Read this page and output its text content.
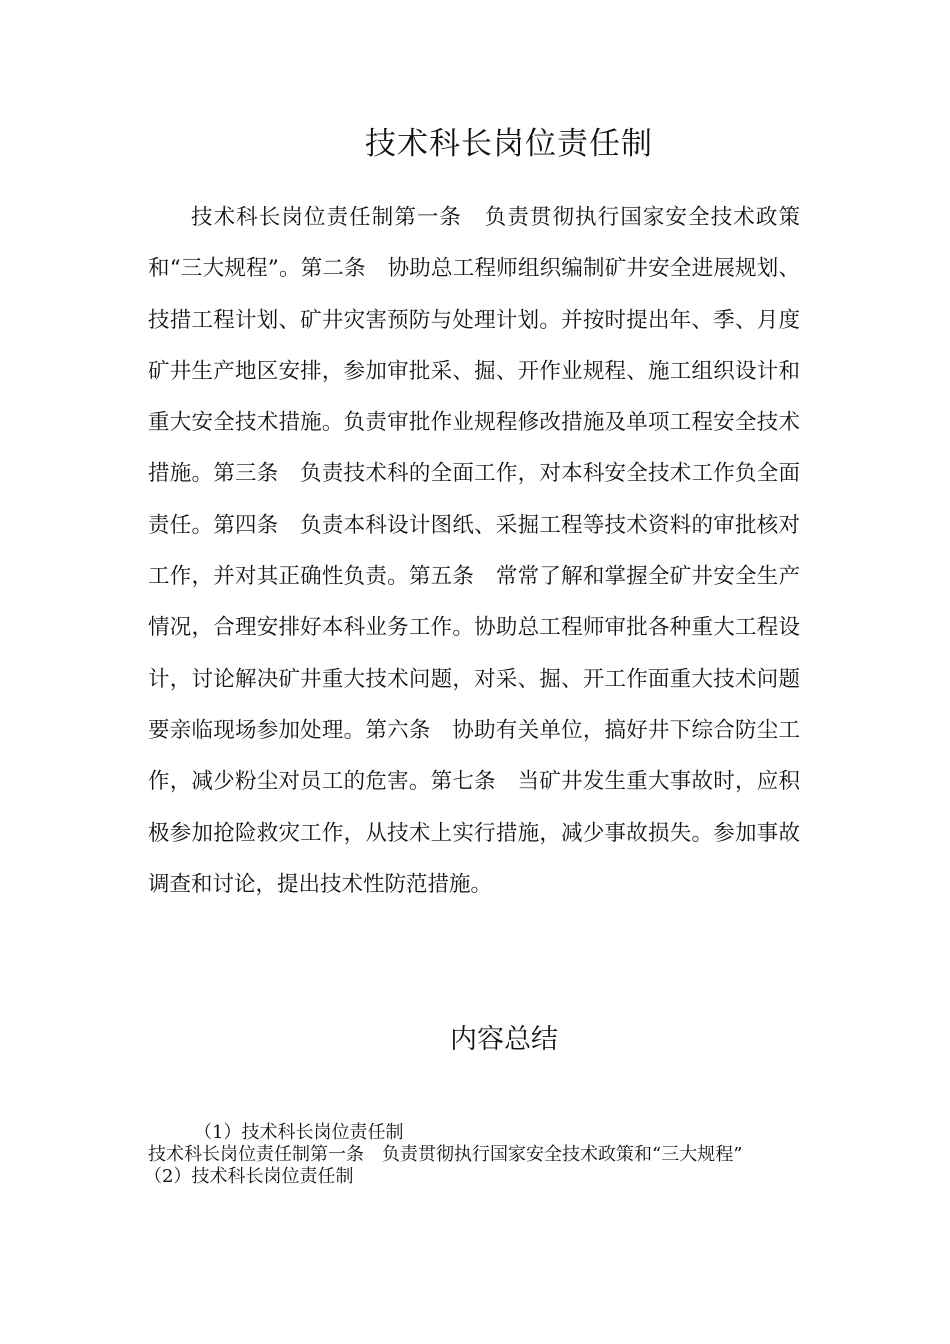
技术科长岗位责任制

技术科长岗位责任制第一条　负责贯彻执行国家安全技术政策和“三大规程”。第二条　协助总工程师组织编制矿井安全进展规划、技措工程计划、矿井灾害预防与处理计划。并按时提出年、季、月度矿井生产地区安排，参加审批采、掘、开作业规程、施工组织设计和重大安全技术措施。负责审批作业规程修改措施及单项工程安全技术措施。第三条　负责技术科的全面工作，对本科安全技术工作负全面责任。第四条　负责本科设计图纸、采掘工程等技术资料的审批核对工作，并对其正确性负责。第五条　常常了解和掌握全矿井安全生产情况，合理安排好本科业务工作。协助总工程师审批各种重大工程设计，讨论解决矿井重大技术问题，对采、掘、开工作面重大技术问题要亲临现场参加处理。第六条　协助有关单位，搞好井下综合防尘工作，减少粉尘对员工的危害。第七条　当矿井发生重大事故时，应积极参加抢险救灾工作，从技术上实行措施，减少事故损失。参加事故调查和讨论，提出技术性防范措施。

内容总结

（1）技术科长岗位责任制

技术科长岗位责任制第一条　负责贯彻执行国家安全技术政策和“三大规程”

（2）技术科长岗位责任制
